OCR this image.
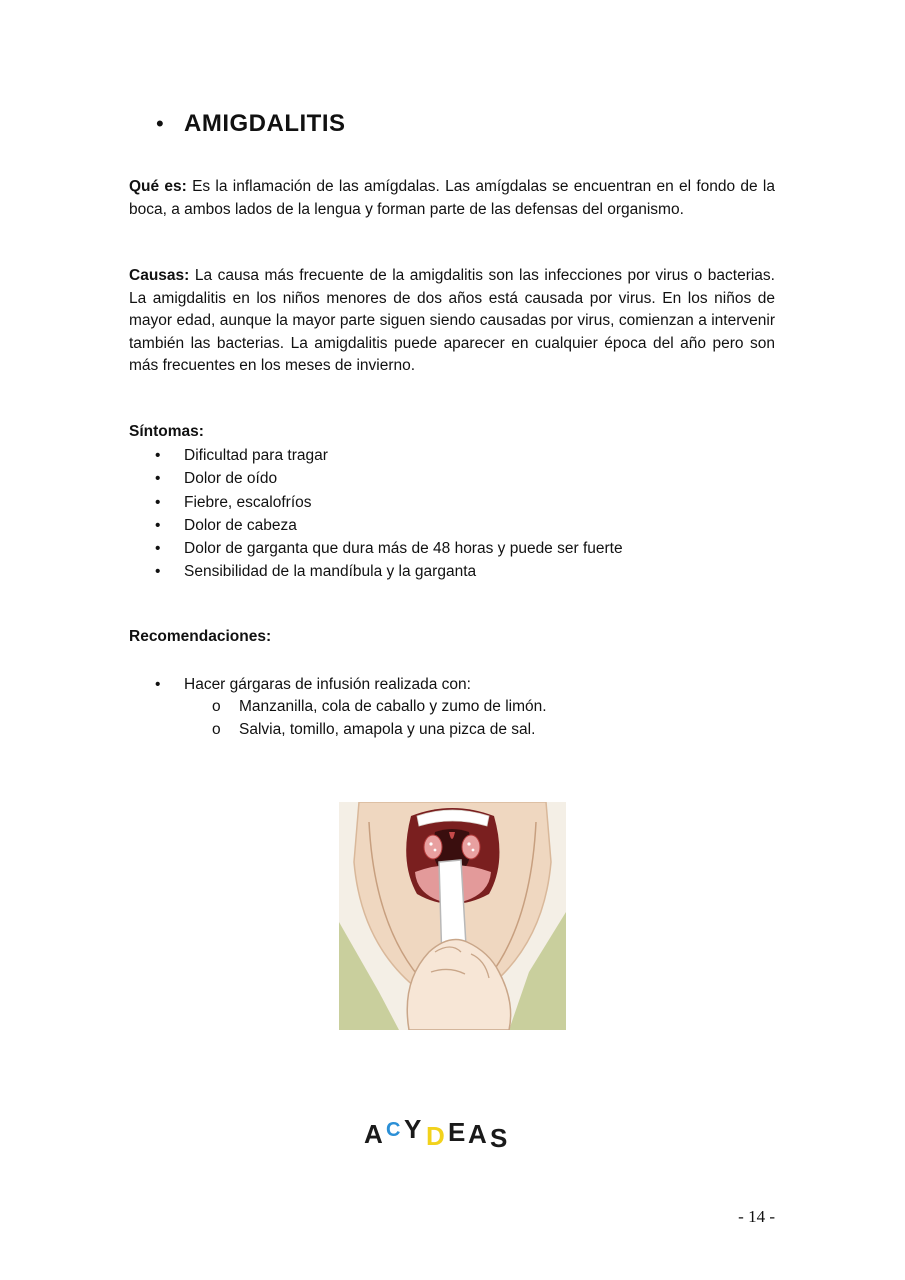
• AMIGDALITIS

Qué es: Es la inflamación de las amígdalas. Las amígdalas se encuentran en el fondo de la boca, a ambos lados de la lengua y forman parte de las defensas del organismo.

Causas: La causa más frecuente de la amigdalitis son las infecciones por virus o bacterias. La amigdalitis en los niños menores de dos años está causada por virus. En los niños de mayor edad, aunque la mayor parte siguen siendo causadas por virus, comienzan a intervenir también las bacterias. La amigdalitis puede aparecer en cualquier época del año pero son más frecuentes en los meses de invierno.

Síntomas:
•	Dificultad para tragar
•	Dolor de oído
•	Fiebre, escalofríos
•	Dolor de cabeza
•	Dolor de garganta que dura más de 48 horas y puede ser fuerte
•	Sensibilidad de la mandíbula y la garganta
Recomendaciones:
•	Hacer gárgaras de infusión realizada con:
o	Manzanilla, cola de caballo y zumo de limón.
o	Salvia, tomillo, amapola y una pizca de sal.
A C Y D E A S
- 14 -
